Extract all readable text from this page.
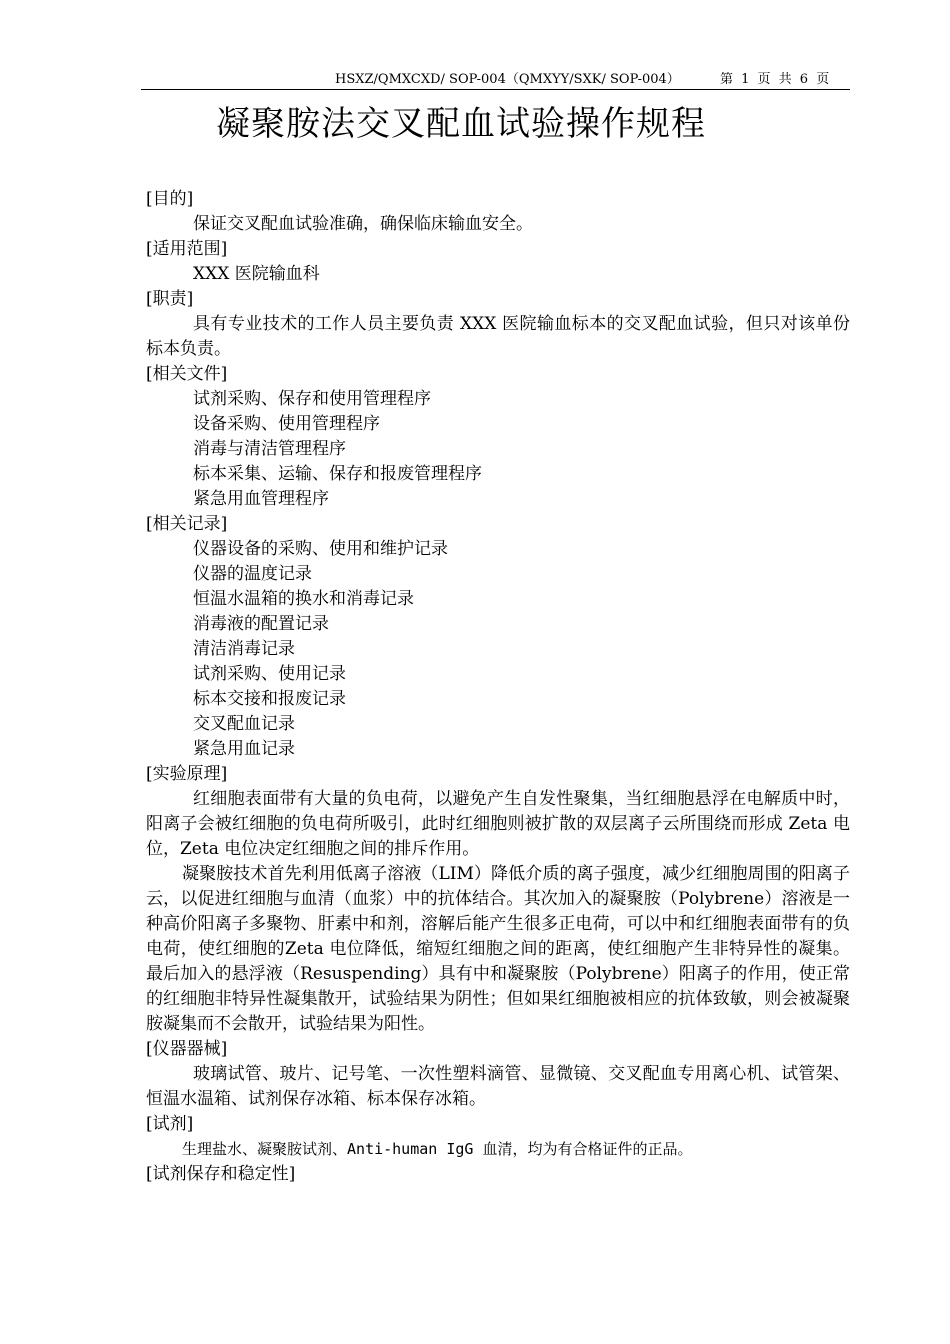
HSXZ/QMXCXD/ SOP-004（QMXYY/SXK/ SOP-004）	第 1 页 共 6 页
凝聚胺法交叉配血试验操作规程

[目的]

保证交叉配血试验准确，确保临床输血安全。

[适用范围]

XXX 医院输血科

[职责]

具有专业技术的工作人员主要负责 XXX 医院输血标本的交叉配血试验，但只对该单份标本负责。

[相关文件]

试剂采购、保存和使用管理程序

设备采购、使用管理程序

消毒与清洁管理程序

标本采集、运输、保存和报废管理程序

紧急用血管理程序

[相关记录]

仪器设备的采购、使用和维护记录

仪器的温度记录

恒温水温箱的换水和消毒记录

消毒液的配置记录

清洁消毒记录

试剂采购、使用记录

标本交接和报废记录

交叉配血记录

紧急用血记录

[实验原理]

红细胞表面带有大量的负电荷，以避免产生自发性聚集，当红细胞悬浮在电解质中时，阳离子会被红细胞的负电荷所吸引，此时红细胞则被扩散的双层离子云所围绕而形成 Zeta 电位，Zeta 电位决定红细胞之间的排斥作用。

凝聚胺技术首先利用低离子溶液（LIM）降低介质的离子强度，减少红细胞周围的阳离子云，以促进红细胞与血清（血浆）中的抗体结合。其次加入的凝聚胺（Polybrene）溶液是一种高价阳离子多聚物、肝素中和剂，溶解后能产生很多正电荷，可以中和红细胞表面带有的负电荷，使红细胞的Zeta 电位降低，缩短红细胞之间的距离，使红细胞产生非特异性的凝集。最后加入的悬浮液（Resuspending）具有中和凝聚胺（Polybrene）阳离子的作用，使正常的红细胞非特异性凝集散开，试验结果为阴性；但如果红细胞被相应的抗体致敏，则会被凝聚胺凝集而不会散开，试验结果为阳性。

[仪器器械]

玻璃试管、玻片、记号笔、一次性塑料滴管、显微镜、交叉配血专用离心机、试管架、恒温水温箱、试剂保存冰箱、标本保存冰箱。

[试剂]

生理盐水、凝聚胺试剂、Anti-human IgG 血清，均为有合格证件的正品。

[试剂保存和稳定性]
